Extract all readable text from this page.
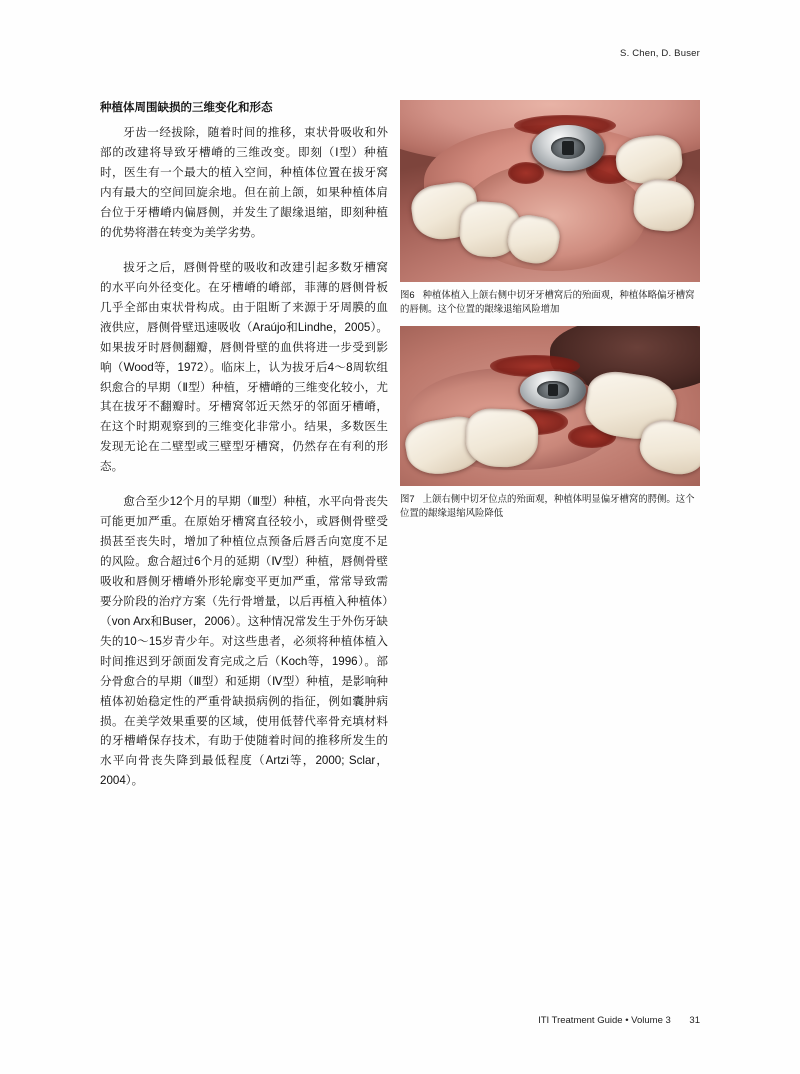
S. Chen, D. Buser
种植体周围缺损的三维变化和形态

牙齿一经拔除，随着时间的推移，束状骨吸收和外部的改建将导致牙槽嵴的三维改变。即刻（Ⅰ型）种植时，医生有一个最大的植入空间，种植体位置在拔牙窝内有最大的空间回旋余地。但在前上颌，如果种植体肩台位于牙槽嵴内偏唇侧，并发生了龈缘退缩，即刻种植的优势将潜在转变为美学劣势。

拔牙之后，唇侧骨壁的吸收和改建引起多数牙槽窝的水平向外径变化。在牙槽嵴的嵴部，菲薄的唇侧骨板几乎全部由束状骨构成。由于阻断了来源于牙周膜的血液供应，唇侧骨壁迅速吸收（Araújo和Lindhe，2005）。如果拔牙时唇侧翻瓣，唇侧骨壁的血供将进一步受到影响（Wood等，1972）。临床上，认为拔牙后4～8周软组织愈合的早期（Ⅱ型）种植，牙槽嵴的三维变化较小，尤其在拔牙不翻瓣时。牙槽窝邻近天然牙的邻面牙槽嵴，在这个时期观察到的三维变化非常小。结果，多数医生发现无论在二壁型或三壁型牙槽窝，仍然存在有利的形态。

愈合至少12个月的早期（Ⅲ型）种植，水平向骨丧失可能更加严重。在原始牙槽窝直径较小，或唇侧骨壁受损甚至丧失时，增加了种植位点预备后唇舌向宽度不足的风险。愈合超过6个月的延期（Ⅳ型）种植，唇侧骨壁吸收和唇侧牙槽嵴外形轮廓变平更加严重，常常导致需要分阶段的治疗方案（先行骨增量，以后再植入种植体）（von Arx和Buser，2006）。这种情况常发生于外伤牙缺失的10～15岁青少年。对这些患者，必须将种植体植入时间推迟到牙颌面发育完成之后（Koch等，1996）。部分骨愈合的早期（Ⅲ型）和延期（Ⅳ型）种植，是影响种植体初始稳定性的严重骨缺损病例的指征，例如囊肿病损。在美学效果重要的区域，使用低替代率骨充填材料的牙槽嵴保存技术，有助于使随着时间的推移所发生的水平向骨丧失降到最低程度（Artzi等，2000; Sclar，2004）。

图6 种植体植入上颌右侧中切牙牙槽窝后的殆面观，种植体略偏牙槽窝的唇侧。这个位置的龈缘退缩风险增加
图7 上颌右侧中切牙位点的殆面观，种植体明显偏牙槽窝的腭侧。这个位置的龈缘退缩风险降低
ITI Treatment Guide • Volume 3 31
